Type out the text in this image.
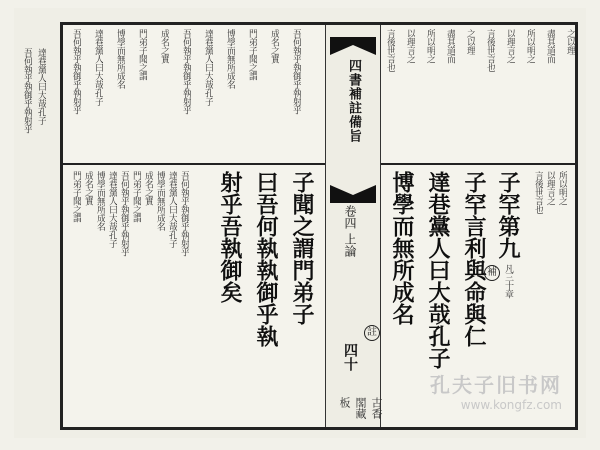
吾何執乎執御乎執射乎 達巷黨人曰大哉孔子	吾何執乎執御乎執射乎 達巷黨人曰大哉孔子 博學而無所成名 門弟子聞之謂 成名之實 吾何執乎執御乎執射乎 達巷黨人曰大哉孔子 博學而無所成名 門弟子聞之謂 成名之實 吾何執乎執御乎執射乎
門弟子聞之謂 成名之實 博學而無所成名 達巷黨人曰大哉孔子 吾何執乎執御乎執射乎 門弟子聞之謂 成名之實 博學而無所成名 達巷黨人曰大哉孔子 吾何執乎執御乎執射乎 射乎吾執御矣 曰吾何執執御乎執 子聞之謂門弟子
四書補註備旨
卷四 上論
四十
古香閣藏板
言後世言也 以理言之 所以明之 盡其道而 之以理 言後世言也 以理言之 所以明之 盡其道而 之以理
博學而無所成名 達巷黨人曰大哉孔子 子罕言利與命與仁 子罕第九 凡三十章
註
補
言後世言也 以理言之 所以明之
孔夫子旧书网
www.kongfz.com
